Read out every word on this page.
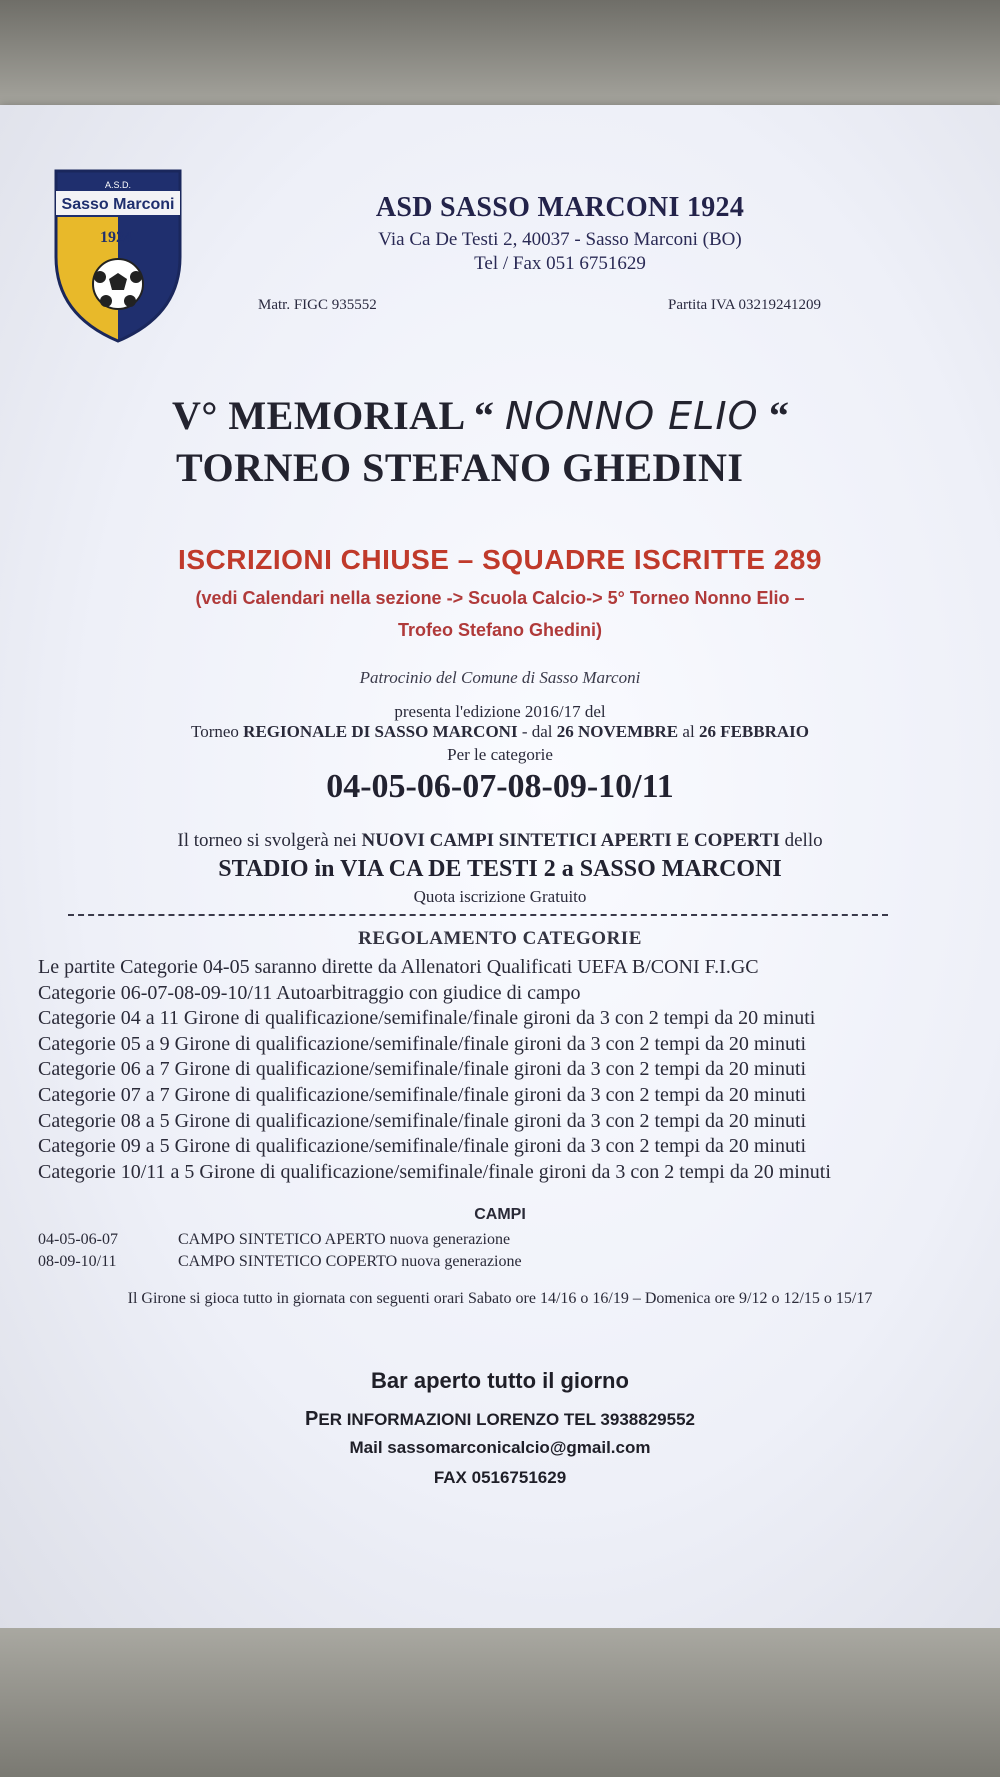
A.S.D.
Sasso Marconi
1924
ASD SASSO MARCONI 1924
Via Ca De Testi 2, 40037 - Sasso Marconi (BO)
Tel / Fax 051 6751629
Matr. FIGC 935552	Partita IVA 03219241209
V° MEMORIAL “ NONNO ELIO “
TORNEO STEFANO GHEDINI
ISCRIZIONI CHIUSE – SQUADRE ISCRITTE 289
(vedi Calendari nella sezione -> Scuola Calcio-> 5° Torneo Nonno Elio –
Trofeo Stefano Ghedini)
Patrocinio del Comune di Sasso Marconi
presenta l'edizione 2016/17 del
Torneo REGIONALE DI SASSO MARCONI - dal 26 NOVEMBRE al 26 FEBBRAIO
Per le categorie
04-05-06-07-08-09-10/11
Il torneo si svolgerà nei NUOVI CAMPI SINTETICI APERTI E COPERTI dello
STADIO in VIA CA DE TESTI 2 a SASSO MARCONI
Quota iscrizione Gratuito
REGOLAMENTO CATEGORIE
Le partite Categorie 04-05 saranno dirette da Allenatori Qualificati UEFA B/CONI F.I.GC
Categorie 06-07-08-09-10/11 Autoarbitraggio con giudice di campo
Categorie 04 a 11 Girone di qualificazione/semifinale/finale gironi da 3 con 2 tempi da 20 minuti
Categorie 05 a 9 Girone di qualificazione/semifinale/finale gironi da 3 con 2 tempi da 20 minuti
Categorie 06 a 7 Girone di qualificazione/semifinale/finale gironi da 3 con 2 tempi da 20 minuti
Categorie 07 a 7 Girone di qualificazione/semifinale/finale gironi da 3 con 2 tempi da 20 minuti
Categorie 08 a 5 Girone di qualificazione/semifinale/finale gironi da 3 con 2 tempi da 20 minuti
Categorie 09 a 5 Girone di qualificazione/semifinale/finale gironi da 3 con 2 tempi da 20 minuti
Categorie 10/11 a 5 Girone di qualificazione/semifinale/finale gironi da 3 con 2 tempi da 20 minuti
CAMPI
04-05-06-07	CAMPO SINTETICO APERTO nuova generazione
08-09-10/11	CAMPO SINTETICO COPERTO nuova generazione
Il Girone si gioca tutto in giornata con seguenti orari Sabato ore 14/16 o 16/19 – Domenica ore 9/12 o 12/15 o 15/17
Bar aperto tutto il giorno
PER INFORMAZIONI LORENZO TEL 3938829552
Mail sassomarconicalcio@gmail.com
FAX 0516751629
